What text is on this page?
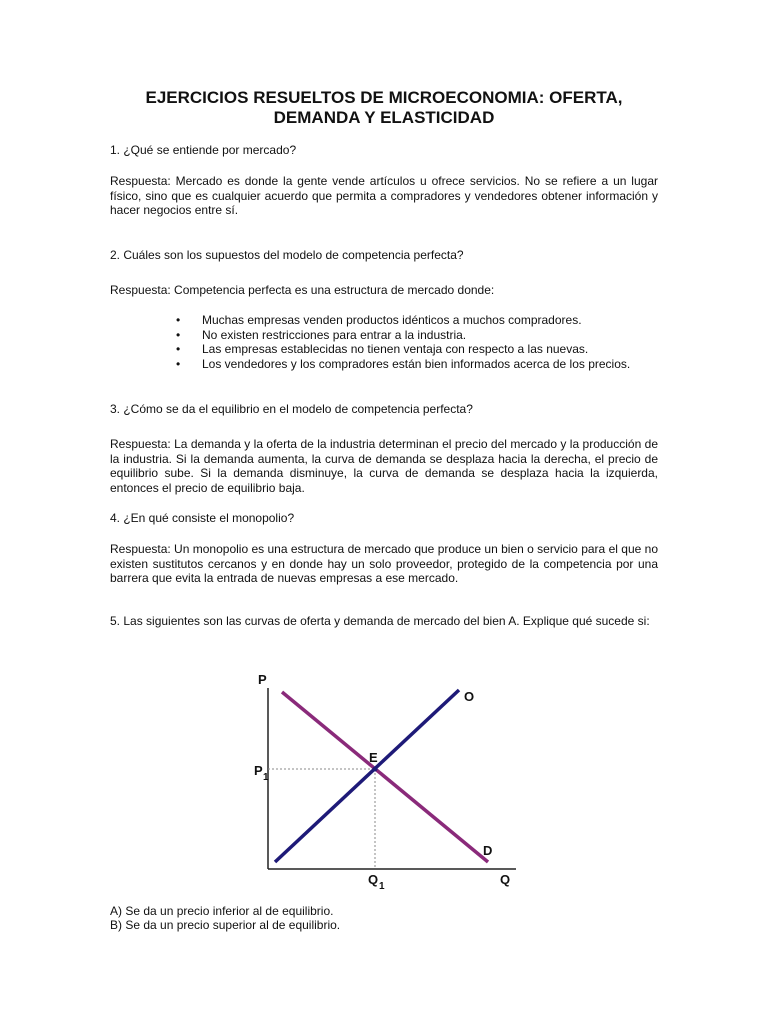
EJERCICIOS RESUELTOS DE MICROECONOMIA: OFERTA,
DEMANDA Y ELASTICIDAD

1. ¿Qué se entiende por mercado?

Respuesta: Mercado es donde la gente vende artículos u ofrece servicios. No se refiere a un lugar físico, sino que es cualquier acuerdo que permita a compradores y vendedores obtener información y hacer negocios entre sí.

2. Cuáles son los supuestos del modelo de competencia perfecta?

Respuesta: Competencia perfecta es una estructura de mercado donde:

• Muchas empresas venden productos idénticos a muchos compradores.
• No existen restricciones para entrar a la industria.
• Las empresas establecidas no tienen ventaja con respecto a las nuevas.
• Los vendedores y los compradores están bien informados acerca de los precios.

3. ¿Cómo se da el equilibrio en el modelo de competencia perfecta?

Respuesta: La demanda y la oferta de la industria determinan el precio del mercado y la producción de la industria. Si la demanda aumenta, la curva de demanda se desplaza hacia la derecha, el precio de equilibrio sube. Si la demanda disminuye, la curva de demanda se desplaza hacia la izquierda, entonces el precio de equilibrio baja.

4. ¿En qué consiste el monopolio?

Respuesta: Un monopolio es una estructura de mercado que produce un bien o servicio para el que no existen sustitutos cercanos y en donde hay un solo proveedor, protegido de la competencia por una barrera que evita la entrada de nuevas empresas a ese mercado.

5. Las siguientes son las curvas de oferta y demanda de mercado del bien A. Explique qué sucede si:

P
O
E
P 1
D
Q 1	Q

A) Se da un precio inferior al de equilibrio.

B) Se da un precio superior al de equilibrio.
